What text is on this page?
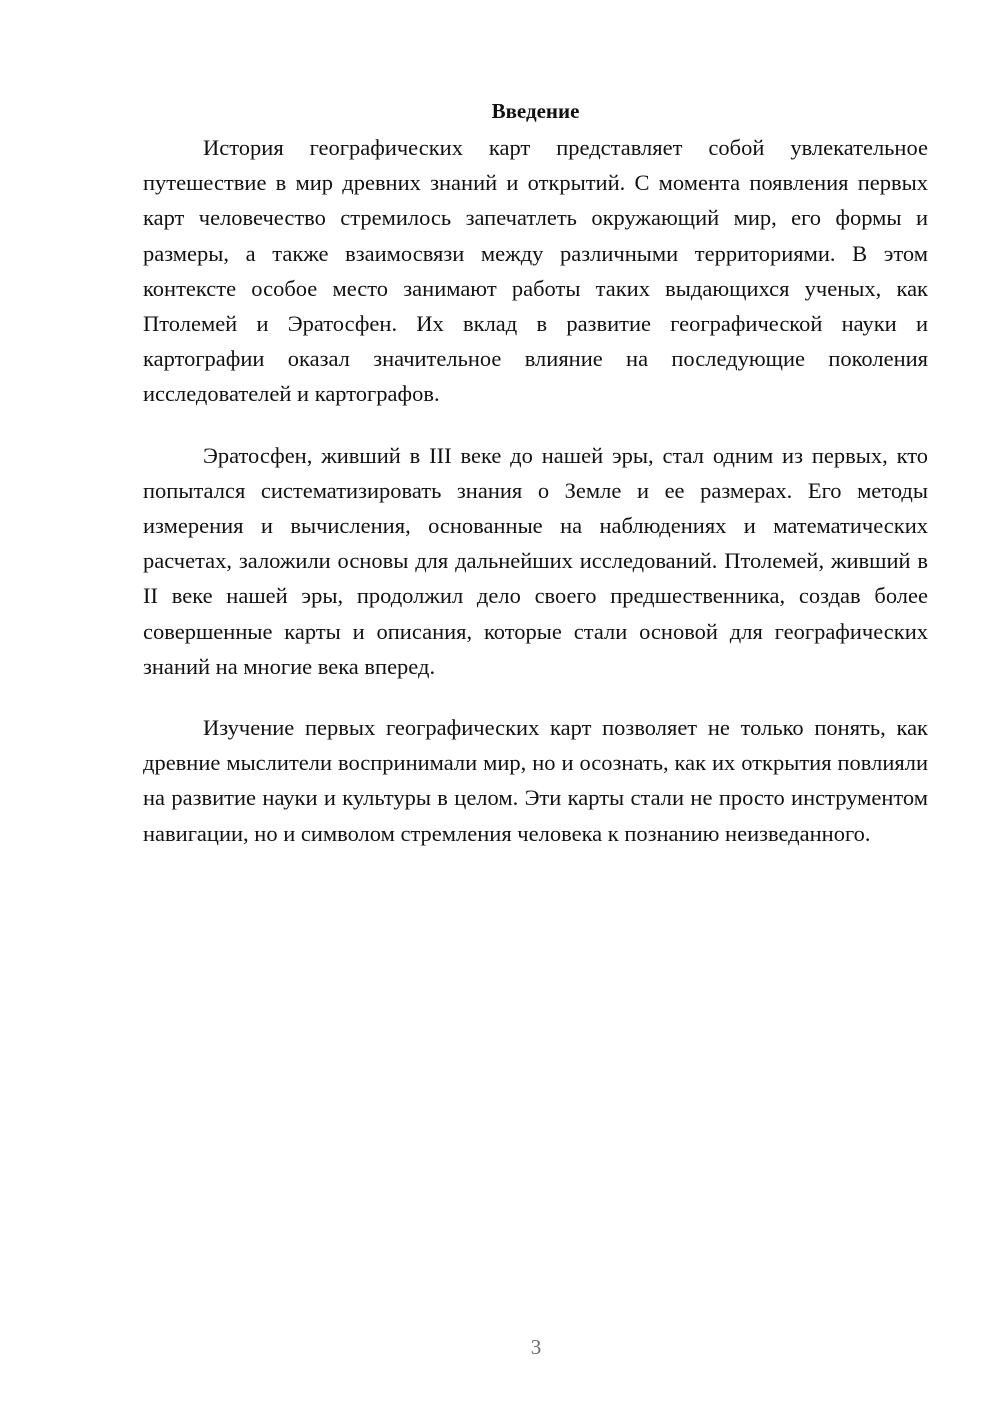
Введение

История географических карт представляет собой увлекательное путешествие в мир древних знаний и открытий. С момента появления первых карт человечество стремилось запечатлеть окружающий мир, его формы и размеры, а также взаимосвязи между различными территориями. В этом контексте особое место занимают работы таких выдающихся ученых, как Птолемей и Эратосфен. Их вклад в развитие географической науки и картографии оказал значительное влияние на последующие поколения исследователей и картографов.

Эратосфен, живший в III веке до нашей эры, стал одним из первых, кто попытался систематизировать знания о Земле и ее размерах. Его методы измерения и вычисления, основанные на наблюдениях и математических расчетах, заложили основы для дальнейших исследований. Птолемей, живший в II веке нашей эры, продолжил дело своего предшественника, создав более совершенные карты и описания, которые стали основой для географических знаний на многие века вперед.

Изучение первых географических карт позволяет не только понять, как древние мыслители воспринимали мир, но и осознать, как их открытия повлияли на развитие науки и культуры в целом. Эти карты стали не просто инструментом навигации, но и символом стремления человека к познанию неизведанного.

3
